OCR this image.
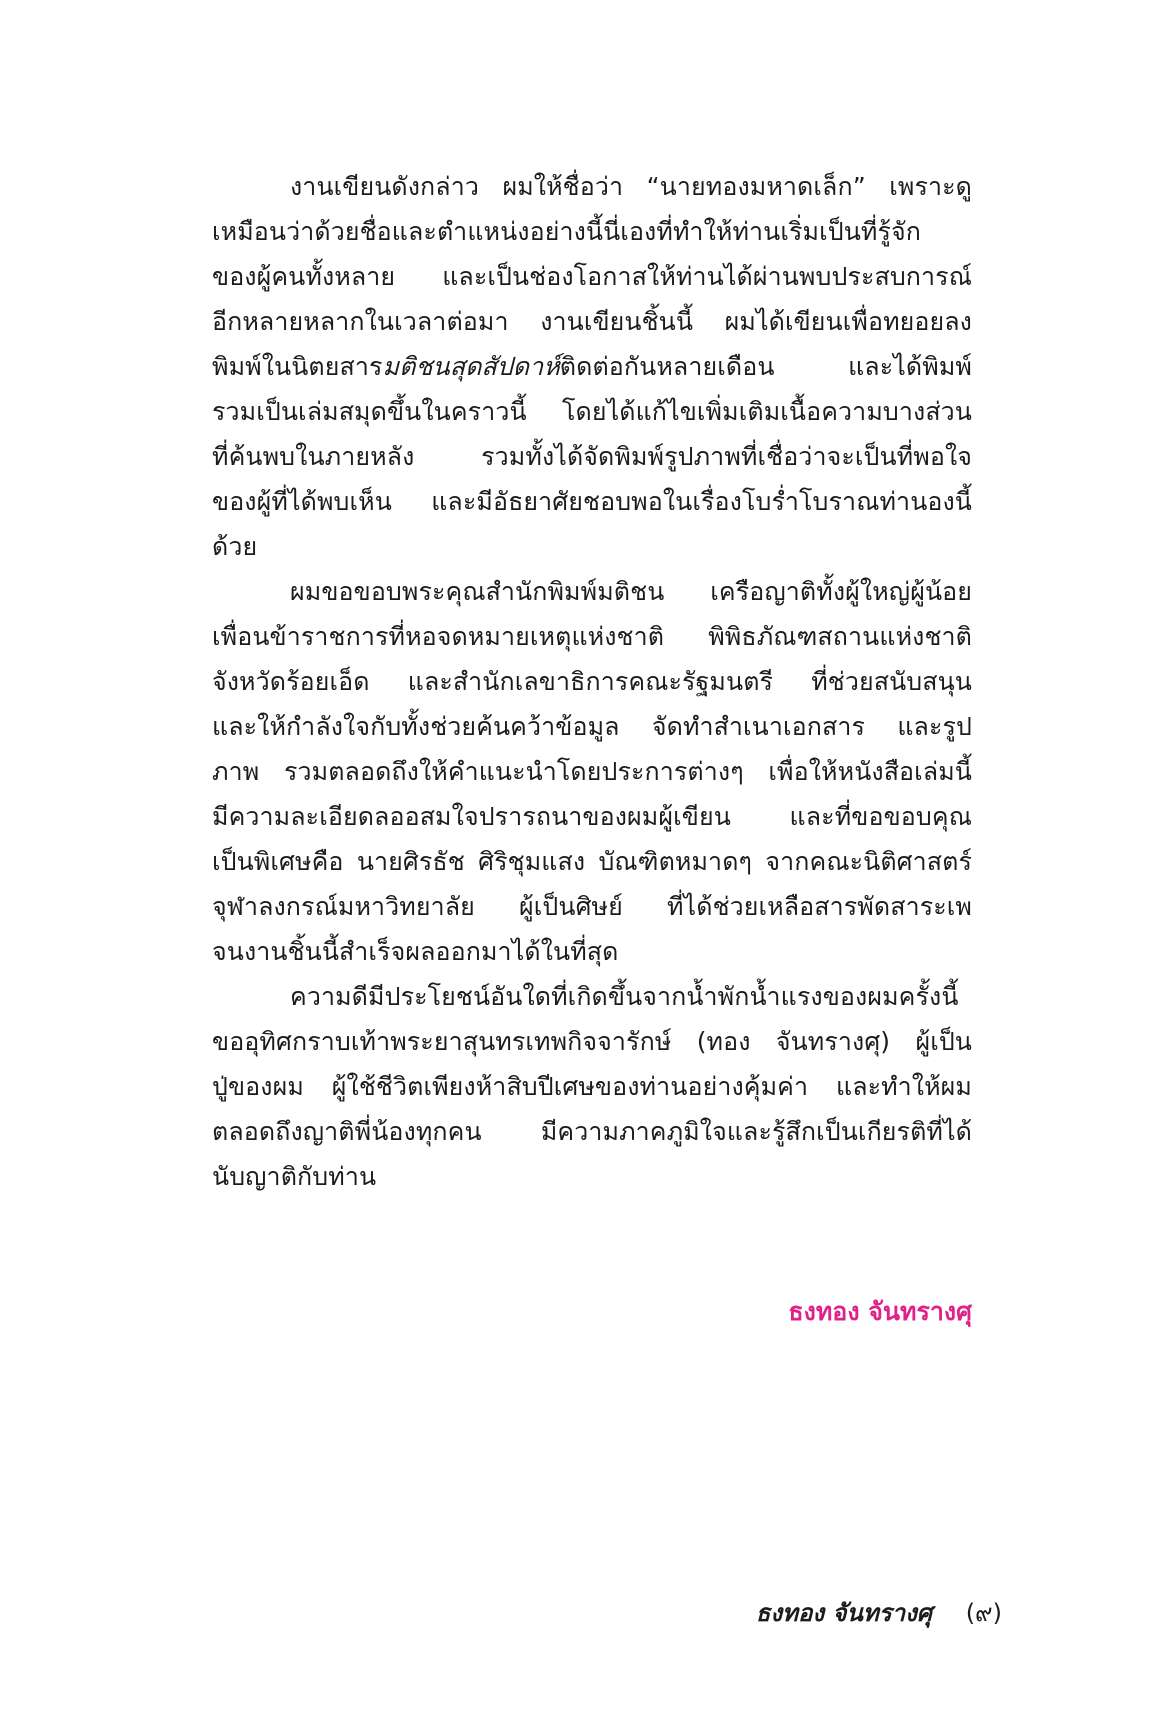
งานเขียนดังกล่าว ผมให้ชื่อว่า “นายทองมหาดเล็ก” เพราะดู
เหมือนว่าด้วยชื่อและตำแหน่งอย่างนี้นี่เองที่ทำให้ท่านเริ่มเป็นที่รู้จัก
ของผู้คนทั้งหลาย และเป็นช่องโอกาสให้ท่านได้ผ่านพบประสบการณ์
อีกหลายหลากในเวลาต่อมา งานเขียนชิ้นนี้ ผมได้เขียนเพื่อทยอยลง
พิมพ์ในนิตยสารมติชนสุดสัปดาห์ติดต่อกันหลายเดือน และได้พิมพ์
รวมเป็นเล่มสมุดขึ้นในคราวนี้ โดยได้แก้ไขเพิ่มเติมเนื้อความบางส่วน
ที่ค้นพบในภายหลัง รวมทั้งได้จัดพิมพ์รูปภาพที่เชื่อว่าจะเป็นที่พอใจ
ของผู้ที่ได้พบเห็น และมีอัธยาศัยชอบพอในเรื่องโบร่ำโบราณท่านองนี้
ด้วย
ผมขอขอบพระคุณสำนักพิมพ์มติชน เครือญาติทั้งผู้ใหญ่ผู้น้อย
เพื่อนข้าราชการที่หอจดหมายเหตุแห่งชาติ พิพิธภัณฑสถานแห่งชาติ
จังหวัดร้อยเอ็ด และสำนักเลขาธิการคณะรัฐมนตรี ที่ช่วยสนับสนุน
และให้กำลังใจกับทั้งช่วยค้นคว้าข้อมูล จัดทำสำเนาเอกสาร และรูป
ภาพ รวมตลอดถึงให้คำแนะนำโดยประการต่างๆ เพื่อให้หนังสือเล่มนี้
มีความละเอียดลออสมใจปรารถนาของผมผู้เขียน และที่ขอขอบคุณ
เป็นพิเศษคือ นายศิรธัช ศิริชุมแสง บัณฑิตหมาดๆ จากคณะนิติศาสตร์
จุฬาลงกรณ์มหาวิทยาลัย ผู้เป็นศิษย์ ที่ได้ช่วยเหลือสารพัดสาระเพ
จนงานชิ้นนี้สำเร็จผลออกมาได้ในที่สุด
ความดีมีประโยชน์อันใดที่เกิดขึ้นจากน้ำพักน้ำแรงของผมครั้งนี้
ขออุทิศกราบเท้าพระยาสุนทรเทพกิจจารักษ์ (ทอง จันทรางศุ) ผู้เป็น
ปู่ของผม ผู้ใช้ชีวิตเพียงห้าสิบปีเศษของท่านอย่างคุ้มค่า และทำให้ผม
ตลอดถึงญาติพี่น้องทุกคน มีความภาคภูมิใจและรู้สึกเป็นเกียรติที่ได้
นับญาติกับท่าน
ธงทอง จันทรางศุ
ธงทอง จันทรางศุ (๙)
